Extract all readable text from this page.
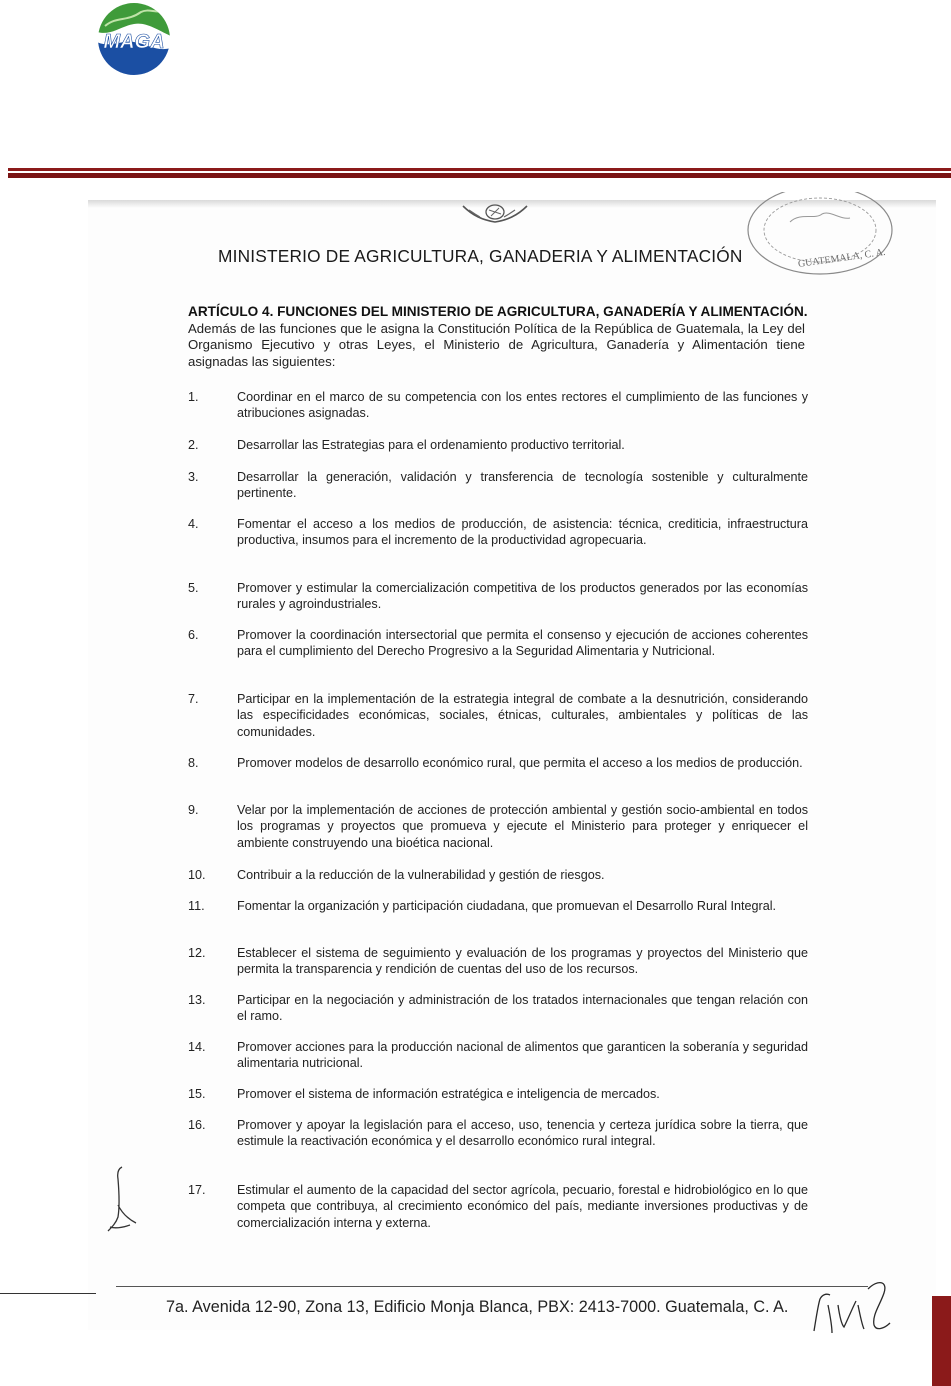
MAGA
GUATEMALA, C. A.
MINISTERIO DE AGRICULTURA, GANADERIA Y ALIMENTACIÓN
ARTÍCULO 4. FUNCIONES DEL MINISTERIO DE AGRICULTURA, GANADERÍA Y ALIMENTACIÓN.
Además de las funciones que le asigna la Constitución Política de la República de Guatemala, la Ley del Organismo Ejecutivo y otras Leyes, el Ministerio de Agricultura, Ganadería y Alimentación tiene asignadas las siguientes:
1.	Coordinar en el marco de su competencia con los entes rectores el cumplimiento de las funciones y atribuciones asignadas.
2.	Desarrollar las Estrategias para el ordenamiento productivo territorial.
3.	Desarrollar la generación, validación y transferencia de tecnología sostenible y culturalmente pertinente.
4.	Fomentar el acceso a los medios de producción, de asistencia: técnica, crediticia, infraestructura productiva, insumos para el incremento de la productividad agropecuaria.
5.	Promover y estimular la comercialización competitiva de los productos generados por las economías rurales y agroindustriales.
6.	Promover la coordinación intersectorial que permita el consenso y ejecución de acciones coherentes para el cumplimiento del Derecho Progresivo a la Seguridad Alimentaria y Nutricional.
7.	Participar en la implementación de la estrategia integral de combate a la desnutrición, considerando las especificidades económicas, sociales, étnicas, culturales, ambientales y políticas de las comunidades.
8.	Promover modelos de desarrollo económico rural, que permita el acceso a los medios de producción.
9.	Velar por la implementación de acciones de protección ambiental y gestión socio-ambiental en todos los programas y proyectos que promueva y ejecute el Ministerio para proteger y enriquecer el ambiente construyendo una bioética nacional.
10.	Contribuir a la reducción de la vulnerabilidad y gestión de riesgos.
11.	Fomentar la organización y participación ciudadana, que promuevan el Desarrollo Rural Integral.
12.	Establecer el sistema de seguimiento y evaluación de los programas y proyectos del Ministerio que permita la transparencia y rendición de cuentas del uso de los recursos.
13.	Participar en la negociación y administración de los tratados internacionales que tengan relación con el ramo.
14.	Promover acciones para la producción nacional de alimentos que garanticen la soberanía y seguridad alimentaria nutricional.
15.	Promover el sistema de información estratégica e inteligencia de mercados.
16.	Promover y apoyar la legislación para el acceso, uso, tenencia y certeza jurídica sobre la tierra, que estimule la reactivación económica y el desarrollo económico rural integral.
17.	Estimular el aumento de la capacidad del sector agrícola, pecuario, forestal e hidrobiológico en lo que competa que contribuya, al crecimiento económico del país, mediante inversiones productivas y de comercialización interna y externa.
7a. Avenida 12-90, Zona 13, Edificio Monja Blanca, PBX: 2413-7000. Guatemala, C. A.
